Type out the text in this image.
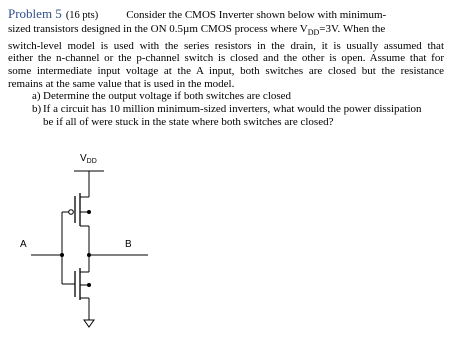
Problem 5 (16 pts)	Consider the CMOS Inverter shown below with minimum-
sized transistors designed in the ON 0.5µm CMOS process where $V_{DD}=3V$. When the
switch-level model is used with the series resistors in the drain, it is usually assumed that
either the n-channel or the p-channel switch is closed and the other is open. Assume that for
some intermediate input voltage at the A input, both switches are closed but the resistance
remains at the same value that is used in the model.
a) Determine the output voltage if both switches are closed
b) If a circuit has 10 million minimum-sized inverters, what would the power dissipation
be if all of were stuck in the state where both switches are closed?
$V_{DD}$
A	B
